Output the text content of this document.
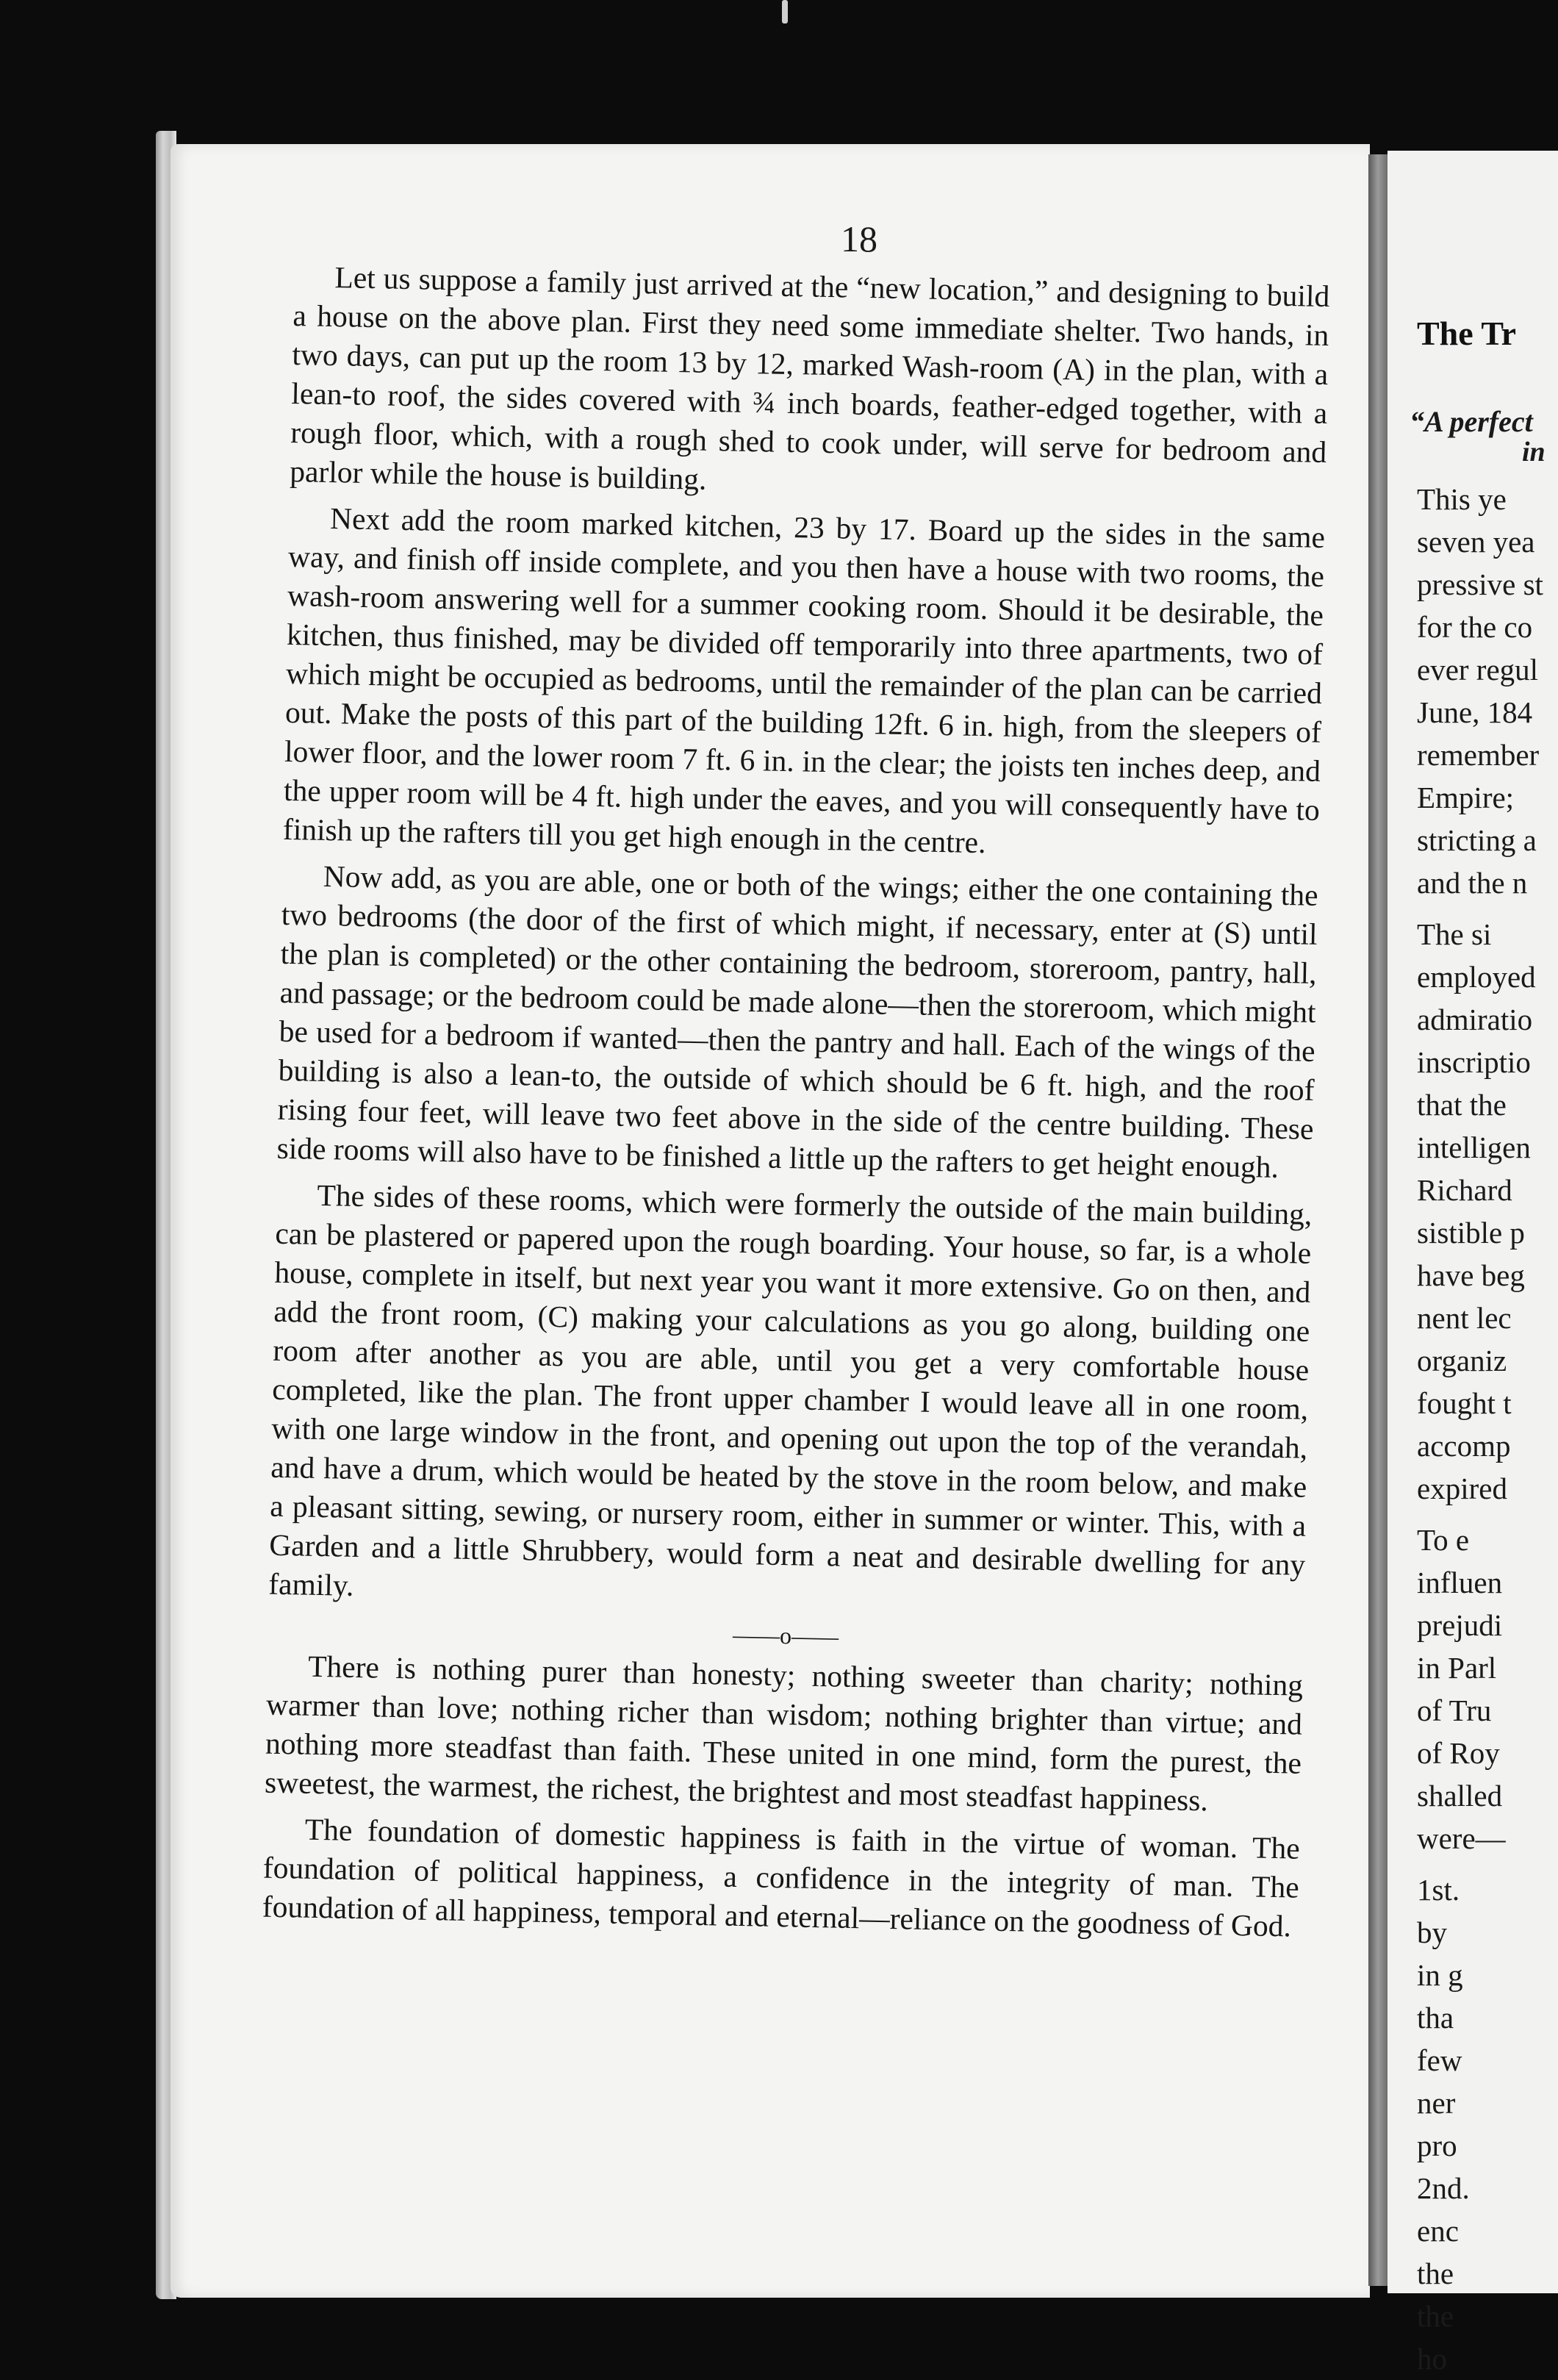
18

Let us suppose a family just arrived at the “new location,” and designing to build a house on the above plan. First they need some immediate shelter. Two hands, in two days, can put up the room 13 by 12, marked Wash-room (A) in the plan, with a lean-to roof, the sides covered with ¾ inch boards, feather-edged together, with a rough floor, which, with a rough shed to cook under, will serve for bedroom and parlor while the house is building.

Next add the room marked kitchen, 23 by 17. Board up the sides in the same way, and finish off inside complete, and you then have a house with two rooms, the wash-room answering well for a summer cooking room. Should it be desirable, the kitchen, thus finished, may be divided off temporarily into three apartments, two of which might be occupied as bedrooms, until the remainder of the plan can be carried out. Make the posts of this part of the building 12ft. 6 in. high, from the sleepers of lower floor, and the lower room 7 ft. 6 in. in the clear; the joists ten inches deep, and the upper room will be 4 ft. high under the eaves, and you will consequently have to finish up the rafters till you get high enough in the centre.

Now add, as you are able, one or both of the wings; either the one containing the two bedrooms (the door of the first of which might, if necessary, enter at (S) until the plan is completed) or the other containing the bedroom, storeroom, pantry, hall, and passage; or the bedroom could be made alone—then the storeroom, which might be used for a bedroom if wanted—then the pantry and hall. Each of the wings of the building is also a lean-to, the outside of which should be 6 ft. high, and the roof rising four feet, will leave two feet above in the side of the centre building. These side rooms will also have to be finished a little up the rafters to get height enough.

The sides of these rooms, which were formerly the outside of the main building, can be plastered or papered upon the rough boarding. Your house, so far, is a whole house, complete in itself, but next year you want it more extensive. Go on then, and add the front room, (C) making your calculations as you go along, building one room after another as you are able, until you get a very comfortable house completed, like the plan. The front upper chamber I would leave all in one room, with one large window in the front, and opening out upon the top of the verandah, and have a drum, which would be heated by the stove in the room below, and make a pleasant sitting, sewing, or nursery room, either in summer or winter. This, with a Garden and a little Shrubbery, would form a neat and desirable dwelling for any family.

——o——

There is nothing purer than honesty; nothing sweeter than charity; nothing warmer than love; nothing richer than wisdom; nothing brighter than virtue; and nothing more steadfast than faith. These united in one mind, form the purest, the sweetest, the warmest, the richest, the brightest and most steadfast happiness.

The foundation of domestic happiness is faith in the virtue of woman. The foundation of political happiness, a confidence in the integrity of man. The foundation of all happiness, temporal and eternal—reliance on the goodness of God.

The Tr
“A perfect
in
This ye
seven yea
pressive st
for the co
ever regul
June, 184
remember
Empire;
stricting a
and the n
The si
employed
admiratio
inscriptio
that the
intelligen
Richard
sistible p
have beg
nent lec
organiz
fought t
accomp
expired
To e
influen
prejudi
in Parl
of Tru
of Roy
shalled
were—
1st.
by
in g
tha
few
ner
pro
2nd.
enc
the
the
ho
